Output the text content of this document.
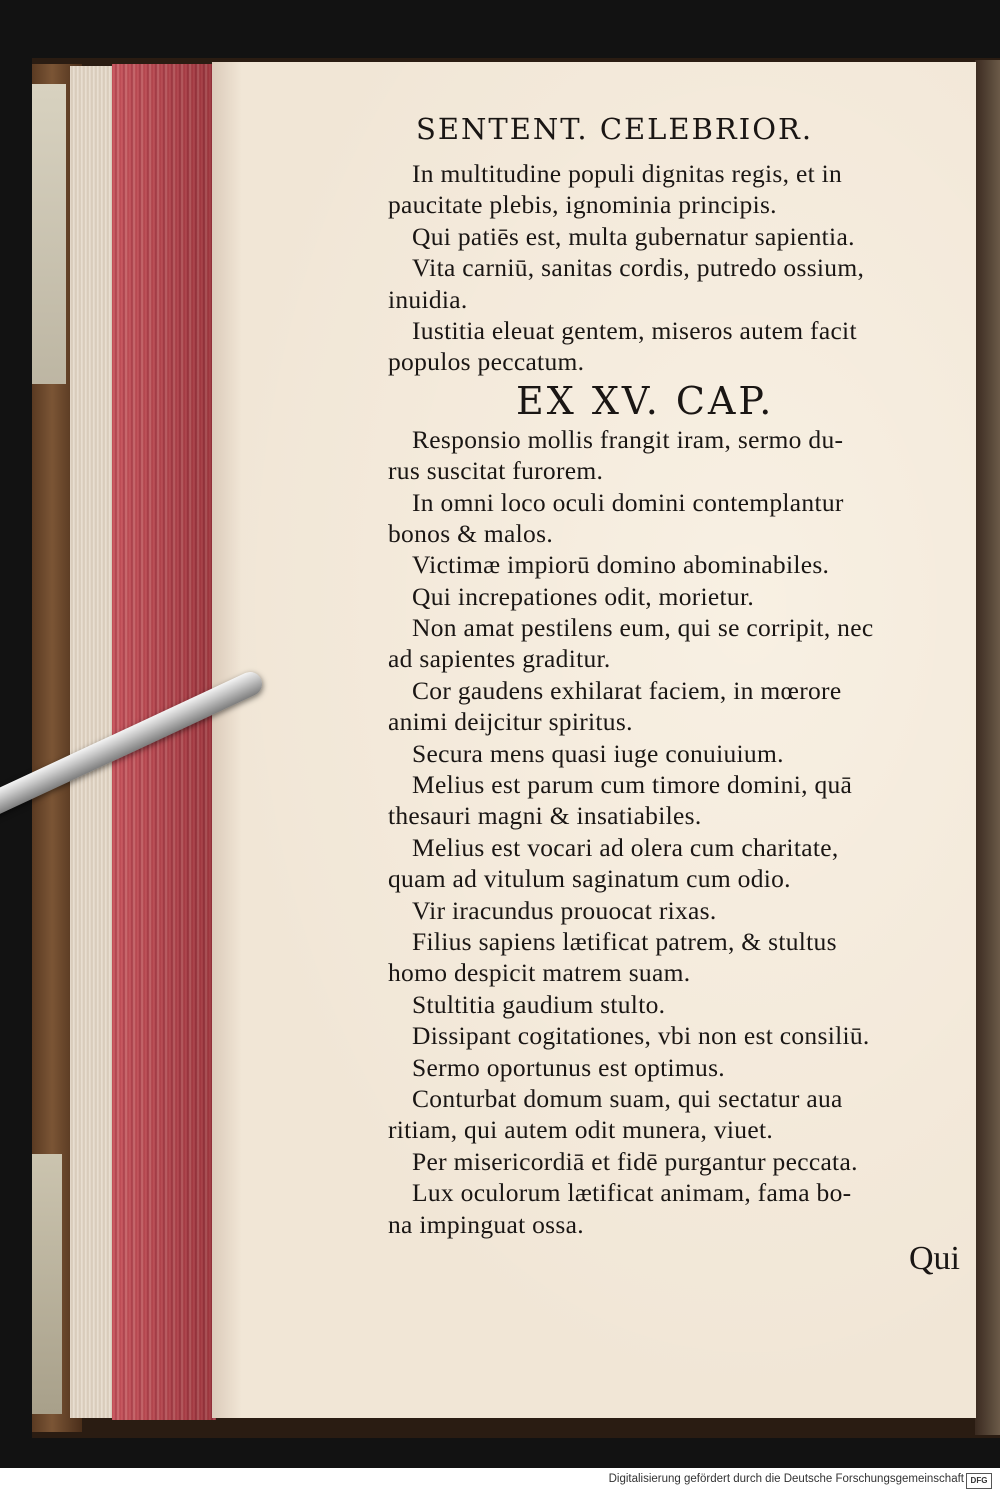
SENTENT. CELEBRIOR.
In multitudine populi dignitas regis, et in
paucitate plebis, ignominia principis.
Qui patiēs est, multa gubernatur sapientia.
Vita carniū, sanitas cordis, putredo ossium,
inuidia.
Iustitia eleuat gentem, miseros autem facit
populos peccatum.
EX XV. CAP.
Responsio mollis frangit iram, sermo du-
rus suscitat furorem.
In omni loco oculi domini contemplantur
bonos & malos.
Victimæ impiorū domino abominabiles.
Qui increpationes odit, morietur.
Non amat pestilens eum, qui se corripit, nec
ad sapientes graditur.
Cor gaudens exhilarat faciem, in mœrore
animi deijcitur spiritus.
Secura mens quasi iuge conuiuium.
Melius est parum cum timore domini, quā
thesauri magni & insatiabiles.
Melius est vocari ad olera cum charitate,
quam ad vitulum saginatum cum odio.
Vir iracundus prouocat rixas.
Filius sapiens lætificat patrem, & stultus
homo despicit matrem suam.
Stultitia gaudium stulto.
Dissipant cogitationes, vbi non est consiliū.
Sermo oportunus est optimus.
Conturbat domum suam, qui sectatur aua
ritiam, qui autem odit munera, viuet.
Per misericordiā et fidē purgantur peccata.
Lux oculorum lætificat animam, fama bo-
na impinguat ossa.
Qui
Digitalisierung gefördert durch die Deutsche Forschungsgemeinschaft DFG
